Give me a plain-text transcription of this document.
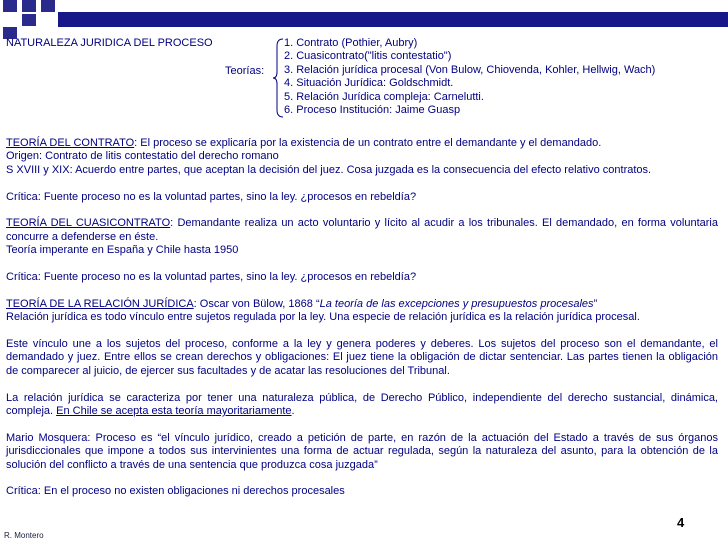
NATURALEZA JURIDICA DEL PROCESO
Teorías:
1. Contrato (Pothier, Aubry)
2. Cuasicontrato("litis contestatio")
3. Relación jurídica procesal (Von Bulow, Chiovenda, Kohler, Hellwig, Wach)
4. Situación Jurídica: Goldschmidt.
5. Relación Jurídica compleja: Carnelutti.
6. Proceso Institución: Jaime Guasp
TEORÍA DEL CONTRATO: El proceso se explicaría por la existencia de un contrato entre el demandante y el demandado.
Origen: Contrato de litis contestatio del derecho romano
S XVIII y XIX: Acuerdo entre partes, que aceptan la decisión del juez. Cosa juzgada es la consecuencia del efecto relativo contratos.
Crítica: Fuente proceso no es la voluntad partes, sino la ley. ¿procesos en rebeldía?
TEORÍA DEL CUASICONTRATO: Demandante realiza un acto voluntario y lícito al acudir a los tribunales. El demandado, en forma voluntaria concurre a defenderse en éste.
Teoría imperante en España y Chile hasta 1950
Crítica: Fuente proceso no es la voluntad partes, sino la ley. ¿procesos en rebeldía?
TEORÍA DE LA RELACIÓN JURÍDICA: Oscar von Bülow, 1868 “La teoría de las excepciones y presupuestos procesales”
Relación jurídica es todo vínculo entre sujetos regulada por la ley. Una especie de relación jurídica es la relación jurídica procesal.
Este vínculo une a los sujetos del proceso, conforme a la ley y genera poderes y deberes. Los sujetos del proceso son el demandante, el demandado y juez. Entre ellos se crean derechos y obligaciones: El juez tiene la obligación de dictar sentenciar. Las partes tienen la obligación de comparecer al juicio, de ejercer sus facultades y de acatar las resoluciones del Tribunal.
La relación jurídica se caracteriza por tener una naturaleza pública, de Derecho Público, independiente del derecho sustancial, dinámica, compleja. En Chile se acepta esta teoría mayoritariamente.
Mario Mosquera: Proceso es “el vínculo jurídico, creado a petición de parte, en razón de la actuación del Estado a través de sus órganos jurisdiccionales que impone a todos sus intervinientes una forma de actuar regulada, según la naturaleza del asunto, para la obtención de la solución del conflicto a través de una sentencia que produzca cosa juzgada”
Crítica: En el proceso no existen obligaciones ni derechos procesales
4
R. Montero
